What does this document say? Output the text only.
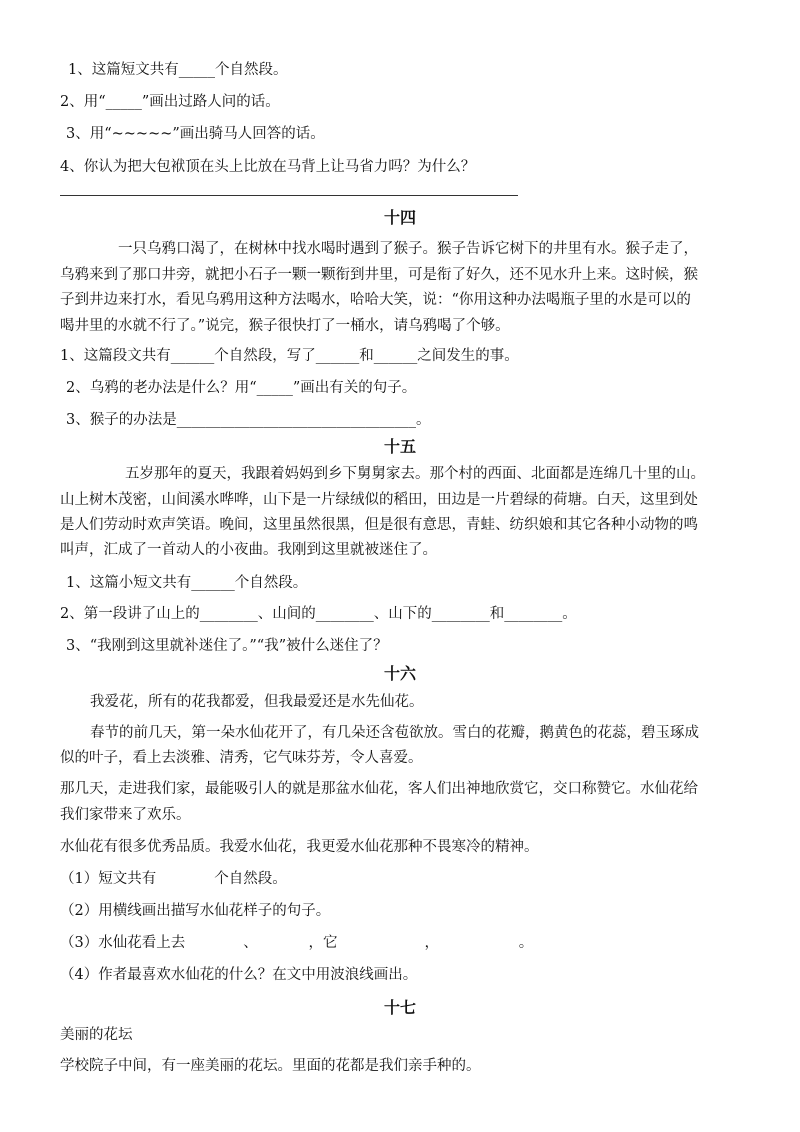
1、这篇短文共有_____个自然段。
2、用“_____”画出过路人问的话。
3、用“~~~~~”画出骑马人回答的话。
4、你认为把大包袱顶在头上比放在马背上让马省力吗？为什么？
十四
一只乌鸦口渴了，在树林中找水喝时遇到了猴子。猴子告诉它树下的井里有水。猴子走了，
乌鸦来到了那口井旁，就把小石子一颗一颗衔到井里，可是衔了好久，还不见水升上来。这时候，猴
子到井边来打水，看见乌鸦用这种方法喝水，哈哈大笑，说：“你用这种办法喝瓶子里的水是可以的
喝井里的水就不行了。”说完，猴子很快打了一桶水，请乌鸦喝了个够。
1、这篇段文共有______个自然段，写了______和______之间发生的事。
2、乌鸦的老办法是什么？用“_____”画出有关的句子。
3、猴子的办法是_________________________________。
十五
五岁那年的夏天，我跟着妈妈到乡下舅舅家去。那个村的西面、北面都是连绵几十里的山。
山上树木茂密，山间溪水哗哗，山下是一片绿绒似的稻田，田边是一片碧绿的荷塘。白天，这里到处
是人们劳动时欢声笑语。晚间，这里虽然很黑，但是很有意思，青蛙、纺织娘和其它各种小动物的鸣
叫声，汇成了一首动人的小夜曲。我刚到这里就被迷住了。
1、这篇小短文共有______个自然段。
2、第一段讲了山上的________、山间的________、山下的________和________。
3、“我刚到这里就补迷住了。”“我”被什么迷住了？
十六
我爱花，所有的花我都爱，但我最爱还是水先仙花。
春节的前几天，第一朵水仙花开了，有几朵还含苞欲放。雪白的花瓣，鹅黄色的花蕊，碧玉琢成
似的叶子，看上去淡雅、清秀，它气味芬芳，令人喜爱。
那几天，走进我们家，最能吸引人的就是那盆水仙花，客人们出神地欣赏它，交口称赞它。水仙花给
我们家带来了欢乐。
水仙花有很多优秀品质。我爱水仙花，我更爱水仙花那种不畏寒冷的精神。
（1）短文共有　　　　个自然段。
（2）用横线画出描写水仙花样子的句子。
（3）水仙花看上去　　　　、　　　　，它　　　　　　，　　　　　　。
（4）作者最喜欢水仙花的什么？在文中用波浪线画出。
十七
美丽的花坛
学校院子中间，有一座美丽的花坛。里面的花都是我们亲手种的。
